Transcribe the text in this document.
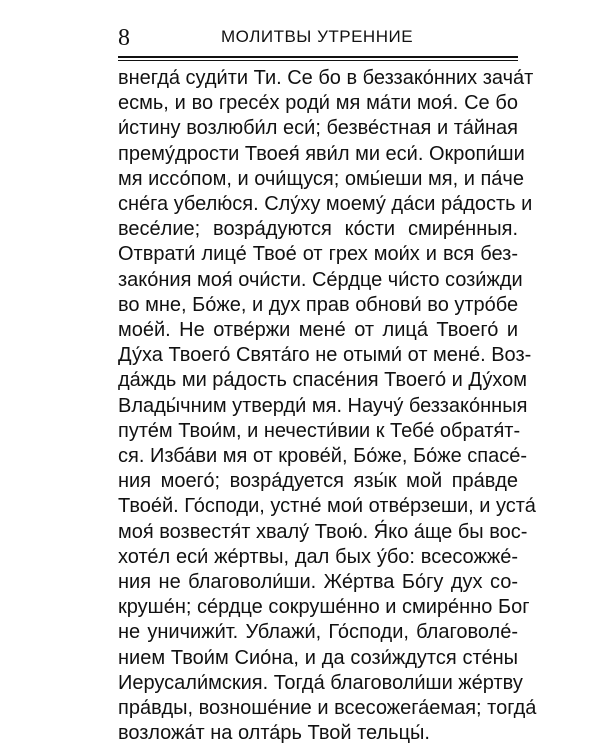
8	МОЛИТВЫ УТРЕННИЕ
внегда́ суди́ти Ти. Се бо в беззако́нних зача́т
есмь, и во гресе́х роди́ мя ма́ти моя́. Се бо
и́стину возлюби́л еси́; безве́стная и та́йная
прему́дрости Твоея́ яви́л ми еси́. Окропи́ши
мя иссо́пом, и очи́щуся; омы́еши мя, и па́че
сне́га убелю́ся. Слу́ху моему́ да́си ра́дость и
весе́лие; возра́дуются ко́сти смире́нныя.
Отврати́ лице́ Твое́ от грех мои́х и вся без-
зако́ния моя́ очи́сти. Се́рдце чи́сто сози́жди
во мне, Бо́же, и дух прав обнови́ во утро́бе
мое́й. Не отве́ржи мене́ от лица́ Твоего́ и
Ду́ха Твоего́ Свята́го не отыми́ от мене́. Воз-
да́ждь ми ра́дость спасе́ния Твоего́ и Ду́хом
Влады́чним утверди́ мя. Научу́ беззако́нныя
путе́м Твои́м, и нечести́вии к Тебе́ обратя́т-
ся. Изба́ви мя от крове́й, Бо́же, Бо́же спасе́-
ния моего́; возра́дуется язы́к мой пра́вде
Твое́й. Го́споди, устне́ мои́ отве́рзеши, и уста́
моя́ возвестя́т хвалу́ Твою́. Я́ко а́ще бы вос-
хоте́л еси́ же́ртвы, дал бых у́бо: всесожже́-
ния не благоволи́ши. Же́ртва Бо́гу дух со-
круше́н; се́рдце сокруше́нно и смире́нно Бог
не уничижи́т. Ублажи́, Го́споди, благоволе́-
нием Твои́м Сио́на, и да сози́ждутся сте́ны
Иерусали́мския. Тогда́ благоволи́ши же́ртву
пра́вды, возноше́ние и всесожега́емая; тогда́
возложа́т на олта́рь Твой тельцы́.
